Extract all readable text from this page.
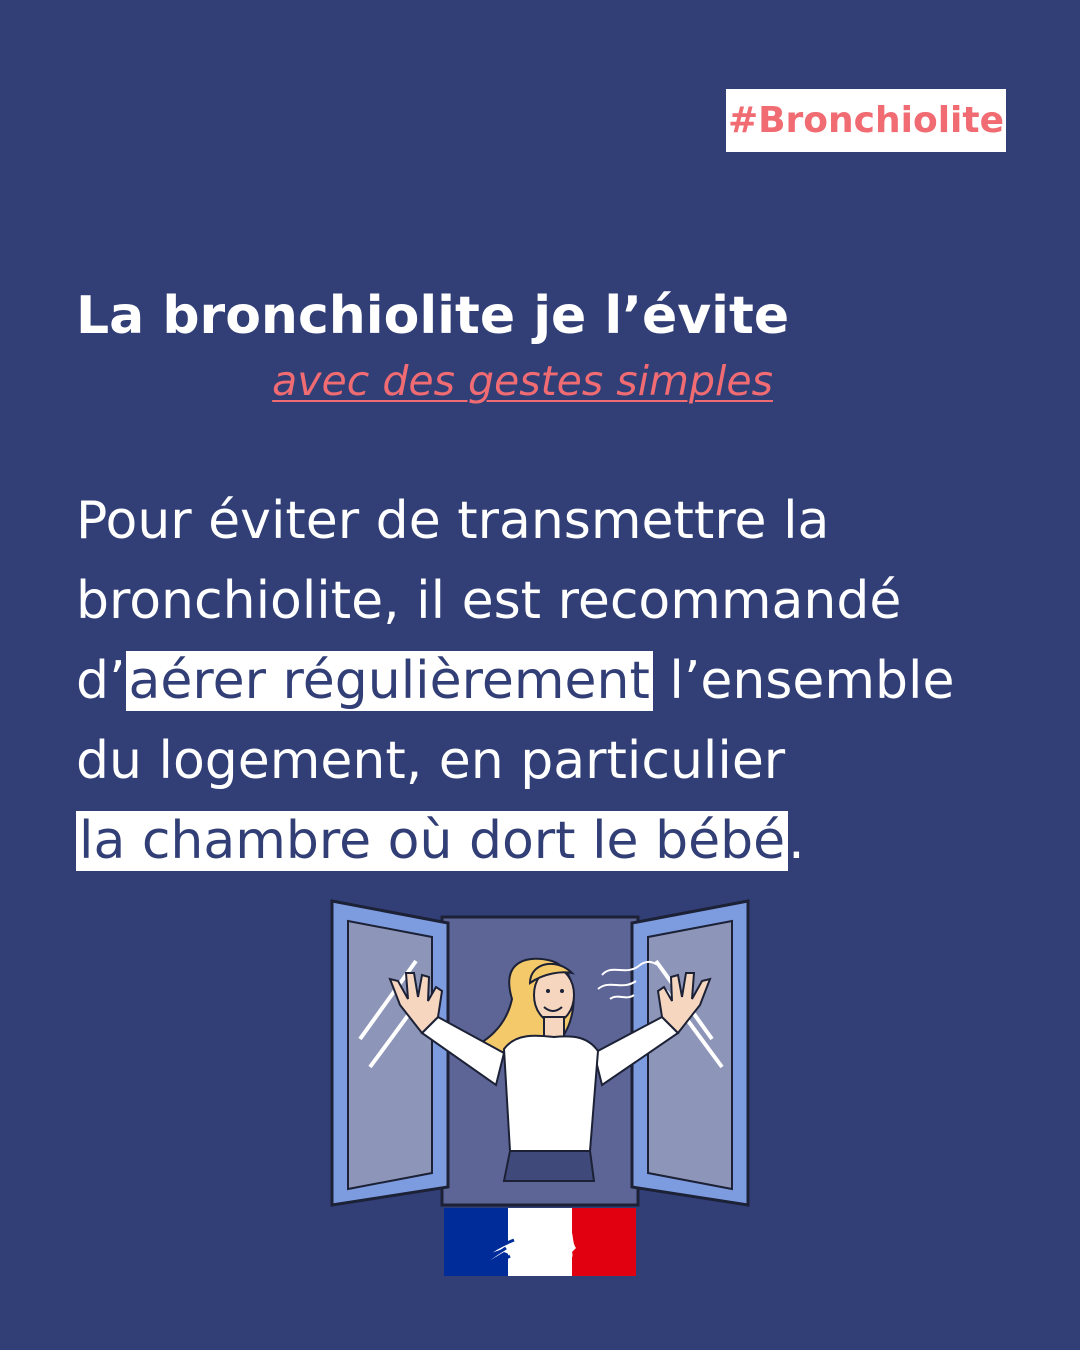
#Bronchiolite
La bronchiolite je l’évite
avec des gestes simples
Pour éviter de transmettre la
bronchiolite, il est recommandé
d’aérer régulièrement l’ensemble
du logement, en particulier
la chambre où dort le bébé.
